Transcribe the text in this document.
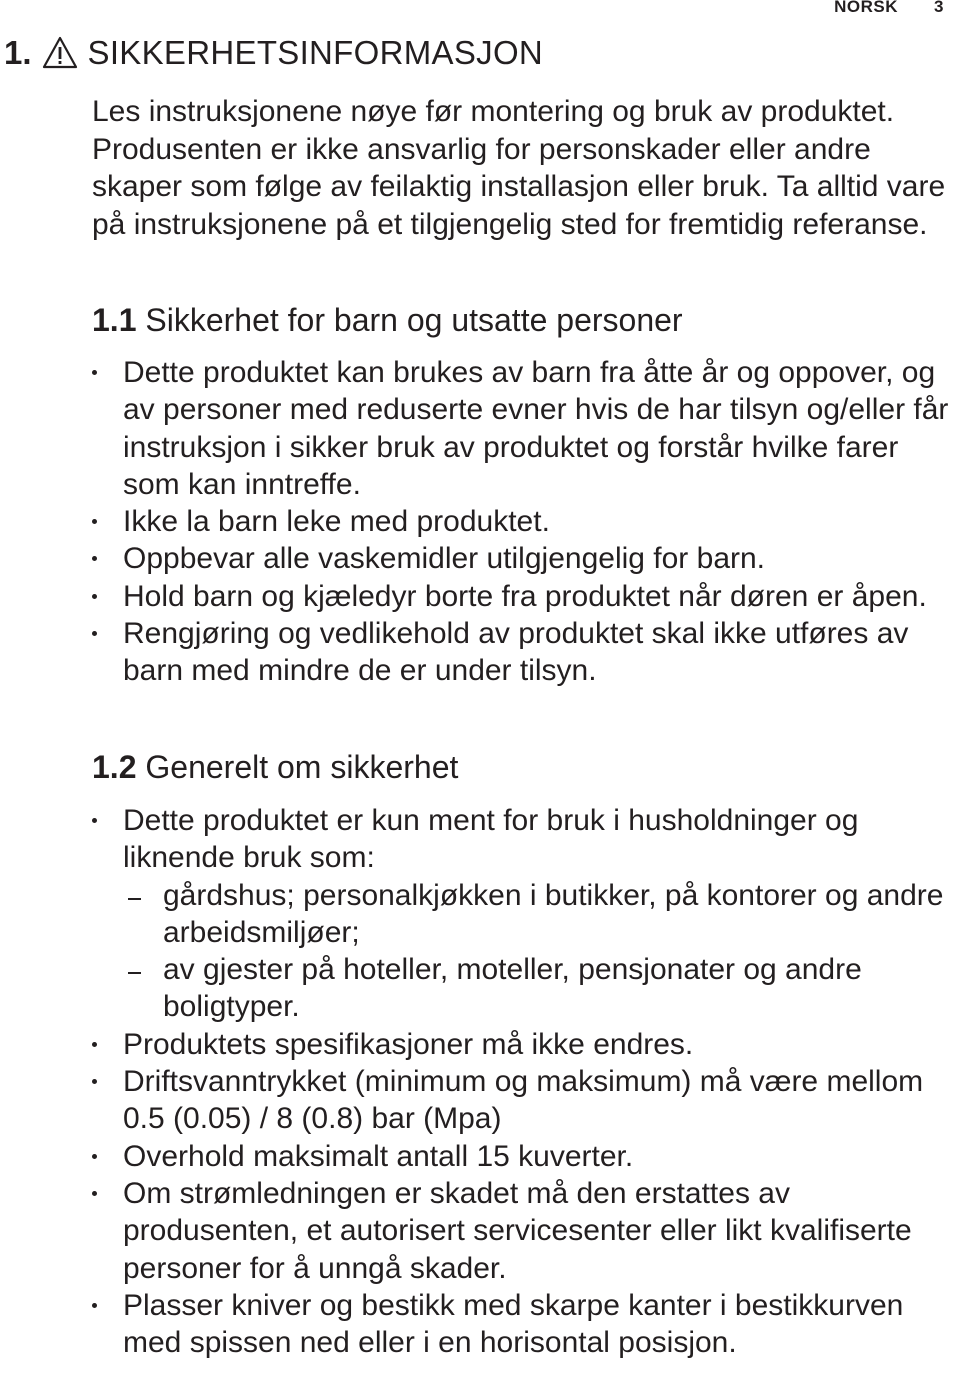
NORSK 3
1. SIKKERHETSINFORMASJON

Les instruksjonene nøye før montering og bruk av produktet. Produsenten er ikke ansvarlig for personskader eller andre skaper som følge av feilaktig installasjon eller bruk. Ta alltid vare på instruksjonene på et tilgjengelig sted for fremtidig referanse.

1.1 Sikkerhet for barn og utsatte personer
Dette produktet kan brukes av barn fra åtte år og oppover, og av personer med reduserte evner hvis de har tilsyn og/eller får instruksjon i sikker bruk av produktet og forstår hvilke farer som kan inntreffe.
Ikke la barn leke med produktet.
Oppbevar alle vaskemidler utilgjengelig for barn.
Hold barn og kjæledyr borte fra produktet når døren er åpen.
Rengjøring og vedlikehold av produktet skal ikke utføres av barn med mindre de er under tilsyn.
1.2 Generelt om sikkerhet
Dette produktet er kun ment for bruk i husholdninger og liknende bruk som:
gårdshus; personalkjøkken i butikker, på kontorer og andre arbeidsmiljøer;
av gjester på hoteller, moteller, pensjonater og andre boligtyper.
Produktets spesifikasjoner må ikke endres.
Driftsvanntrykket (minimum og maksimum) må være mellom 0.5 (0.05) / 8 (0.8) bar (Mpa)
Overhold maksimalt antall 15 kuverter.
Om strømledningen er skadet må den erstattes av produsenten, et autorisert servicesenter eller likt kvalifiserte personer for å unngå skader.
Plasser kniver og bestikk med skarpe kanter i bestikkurven med spissen ned eller i en horisontal posisjon.
